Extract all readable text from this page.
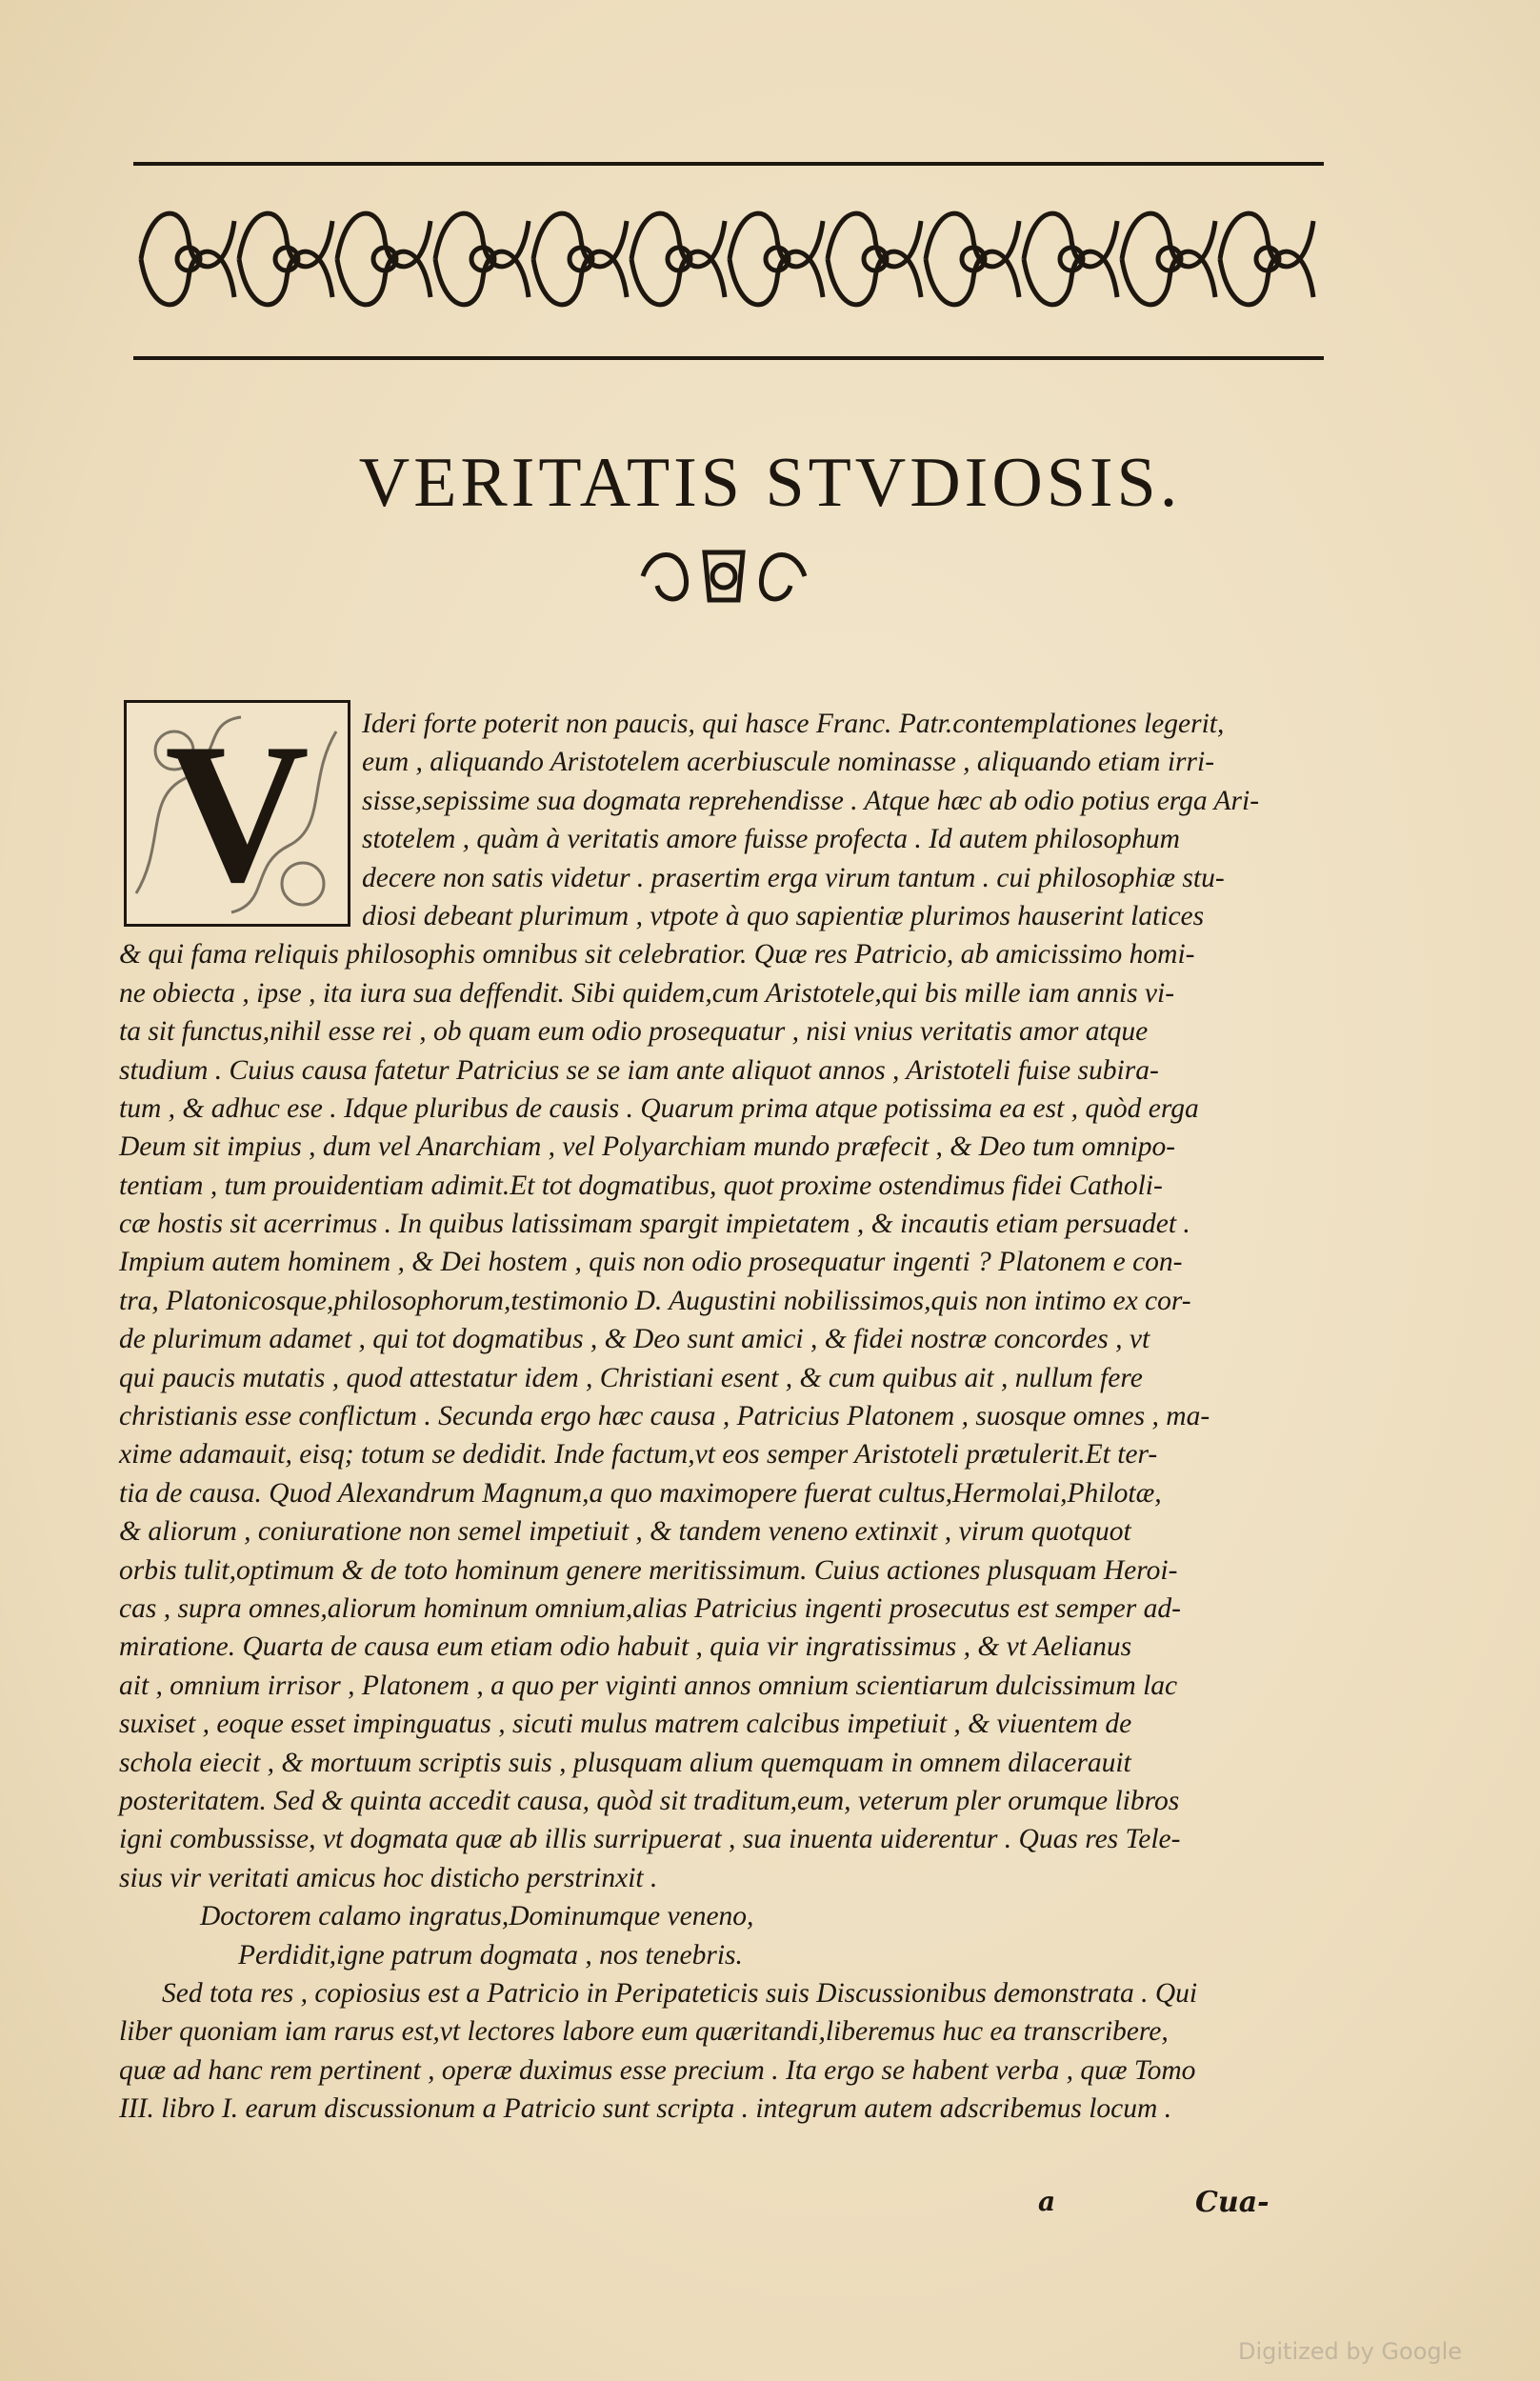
VERITATIS STVDIOSIS.
V	Ideri forte poterit non paucis, qui hasce Franc. Patr.contemplationes legerit,
eum , aliquando Aristotelem acerbiuscule nominasse , aliquando etiam irri-
sisse,sepissime sua dogmata reprehendisse . Atque hæc ab odio potius erga Ari-
stotelem , quàm à veritatis amore fuisse profecta . Id autem philosophum
decere non satis videtur . prasertim erga virum tantum . cui philosophiæ stu-
diosi debeant plurimum , vtpote à quo sapientiæ plurimos hauserint latices
& qui fama reliquis philosophis omnibus sit celebratior. Quæ res Patricio, ab amicissimo homi-
ne obiecta , ipse , ita iura sua deffendit. Sibi quidem,cum Aristotele,qui bis mille iam annis vi-
ta sit functus,nihil esse rei , ob quam eum odio prosequatur , nisi vnius veritatis amor atque
studium . Cuius causa fatetur Patricius se se iam ante aliquot annos , Aristoteli fuise subira-
tum , & adhuc ese . Idque pluribus de causis . Quarum prima atque potissima ea est , quòd erga
Deum sit impius , dum vel Anarchiam , vel Polyarchiam mundo præfecit , & Deo tum omnipo-
tentiam , tum prouidentiam adimit.Et tot dogmatibus, quot proxime ostendimus fidei Catholi-
cæ hostis sit acerrimus . In quibus latissimam spargit impietatem , & incautis etiam persuadet .
Impium autem hominem , & Dei hostem , quis non odio prosequatur ingenti ? Platonem e con-
tra, Platonicosque,philosophorum,testimonio D. Augustini nobilissimos,quis non intimo ex cor-
de plurimum adamet , qui tot dogmatibus , & Deo sunt amici , & fidei nostræ concordes , vt
qui paucis mutatis , quod attestatur idem , Christiani esent , & cum quibus ait , nullum fere
christianis esse conflictum . Secunda ergo hæc causa , Patricius Platonem , suosque omnes , ma-
xime adamauit, eisq; totum se dedidit. Inde factum,vt eos semper Aristoteli prætulerit.Et ter-
tia de causa. Quod Alexandrum Magnum,a quo maximopere fuerat cultus,Hermolai,Philotæ,
& aliorum , coniuratione non semel impetiuit , & tandem veneno extinxit , virum quotquot
orbis tulit,optimum & de toto hominum genere meritissimum. Cuius actiones plusquam Heroi-
cas , supra omnes,aliorum hominum omnium,alias Patricius ingenti prosecutus est semper ad-
miratione. Quarta de causa eum etiam odio habuit , quia vir ingratissimus , & vt Aelianus
ait , omnium irrisor , Platonem , a quo per viginti annos omnium scientiarum dulcissimum lac
suxiset , eoque esset impinguatus , sicuti mulus matrem calcibus impetiuit , & viuentem de
schola eiecit , & mortuum scriptis suis , plusquam alium quemquam in omnem dilacerauit
posteritatem. Sed & quinta accedit causa, quòd sit traditum,eum, veterum pler orumque libros
igni combussisse, vt dogmata quæ ab illis surripuerat , sua inuenta uiderentur . Quas res Tele-
sius vir veritati amicus hoc disticho perstrinxit .
Doctorem calamo ingratus,Dominumque veneno,
Perdidit,igne patrum dogmata , nos tenebris.
Sed tota res , copiosius est a Patricio in Peripateticis suis Discussionibus demonstrata . Qui
liber quoniam iam rarus est,vt lectores labore eum quæritandi,liberemus huc ea transcribere,
quæ ad hanc rem pertinent , operæ duximus esse precium . Ita ergo se habent verba , quæ Tomo
III. libro I. earum discussionum a Patricio sunt scripta . integrum autem adscribemus locum .
a	Cua-
Digitized by Google
